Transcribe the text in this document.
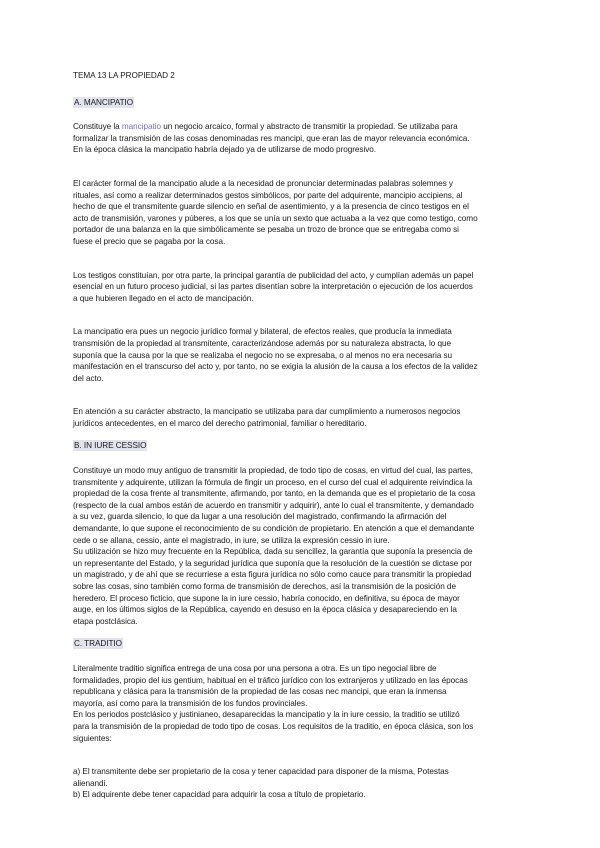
TEMA 13 LA PROPIEDAD 2
A. MANCIPATIO
Constituye la mancipatio un negocio arcaico, formal y abstracto de transmitir la propiedad. Se utilizaba para
formalizar la transmisión de las cosas denominadas res mancipi, que eran las de mayor relevancia económica.
En la época clásica la mancipatio habría dejado ya de utilizarse de modo progresivo.
El carácter formal de la mancipatio alude a la necesidad de pronunciar determinadas palabras solemnes y
rituales, así como a realizar determinados gestos simbólicos, por parte del adquirente, mancipio accipiens, al
hecho de que el transmitente guarde silencio en señal de asentimiento, y a la presencia de cinco testigos en el
acto de transmisión, varones y púberes, a los que se unía un sexto que actuaba a la vez que como testigo, como
portador de una balanza en la que simbólicamente se pesaba un trozo de bronce que se entregaba como si
fuese el precio que se pagaba por la cosa.
Los testigos constituían, por otra parte, la principal garantía de publicidad del acto, y cumplían además un papel
esencial en un futuro proceso judicial, si las partes disentían sobre la interpretación o ejecución de los acuerdos
a que hubieren llegado en el acto de mancipación.
La mancipatio era pues un negocio jurídico formal y bilateral, de efectos reales, que producía la inmediata
transmisión de la propiedad al transmitente, caracterizándose además por su naturaleza abstracta, lo que
suponía que la causa por la que se realizaba el negocio no se expresaba, o al menos no era necesaria su
manifestación en el transcurso del acto y, por tanto, no se exigía la alusión de la causa a los efectos de la validez
del acto.
En atención a su carácter abstracto, la mancipatio se utilizaba para dar cumplimiento a numerosos negocios
jurídicos antecedentes, en el marco del derecho patrimonial, familiar o hereditario.
B. IN IURE CESSIO
Constituye un modo muy antiguo de transmitir la propiedad, de todo tipo de cosas, en virtud del cual, las partes,
transmitente y adquirente, utilizan la fórmula de fingir un proceso, en el curso del cual el adquirente reivindica la
propiedad de la cosa frente al transmitente, afirmando, por tanto, en la demanda que es el propietario de la cosa
(respecto de la cual ambos están de acuerdo en transmitir y adquirir), ante lo cual el transmitente, y demandado
a su vez, guarda silencio, lo que da lugar a una resolución del magistrado, confirmando la afirmación del
demandante, lo que supone el reconocimiento de su condición de propietario. En atención a que el demandante
cede o se allana, cessio, ante el magistrado, in iure, se utiliza la expresión cessio in iure.
Su utilización se hizo muy frecuente en la República, dada su sencillez, la garantía que suponía la presencia de
un representante del Estado, y la seguridad jurídica que suponía que la resolución de la cuestión se dictase por
un magistrado, y de ahí que se recurriese a esta figura jurídica no sólo como cauce para transmitir la propiedad
sobre las cosas, sino también como forma de transmisión de derechos, así la transmisión de la posición de
heredero. El proceso ficticio, que supone la in iure cessio, habría conocido, en definitiva, su época de mayor
auge, en los últimos siglos de la República, cayendo en desuso en la época clásica y desapareciendo en la
etapa postclásica.
C. TRADITIO
Literalmente traditio significa entrega de una cosa por una persona a otra. Es un tipo negocial libre de
formalidades, propio del ius gentium, habitual en el tráfico jurídico con los extranjeros y utilizado en las épocas
republicana y clásica para la transmisión de la propiedad de las cosas nec mancipi, que eran la inmensa
mayoría, así como para la transmisión de los fundos provinciales.
En los periodos postclásico y justinianeo, desaparecidas la mancipatio y la in iure cessio, la traditio se utilizó
para la transmisión de la propiedad de todo tipo de cosas. Los requisitos de la traditio, en época clásica, son los
siguientes:
a) El transmitente debe ser propietario de la cosa y tener capacidad para disponer de la misma, Potestas
alienandi.
b) El adquirente debe tener capacidad para adquirir la cosa a título de propietario.
